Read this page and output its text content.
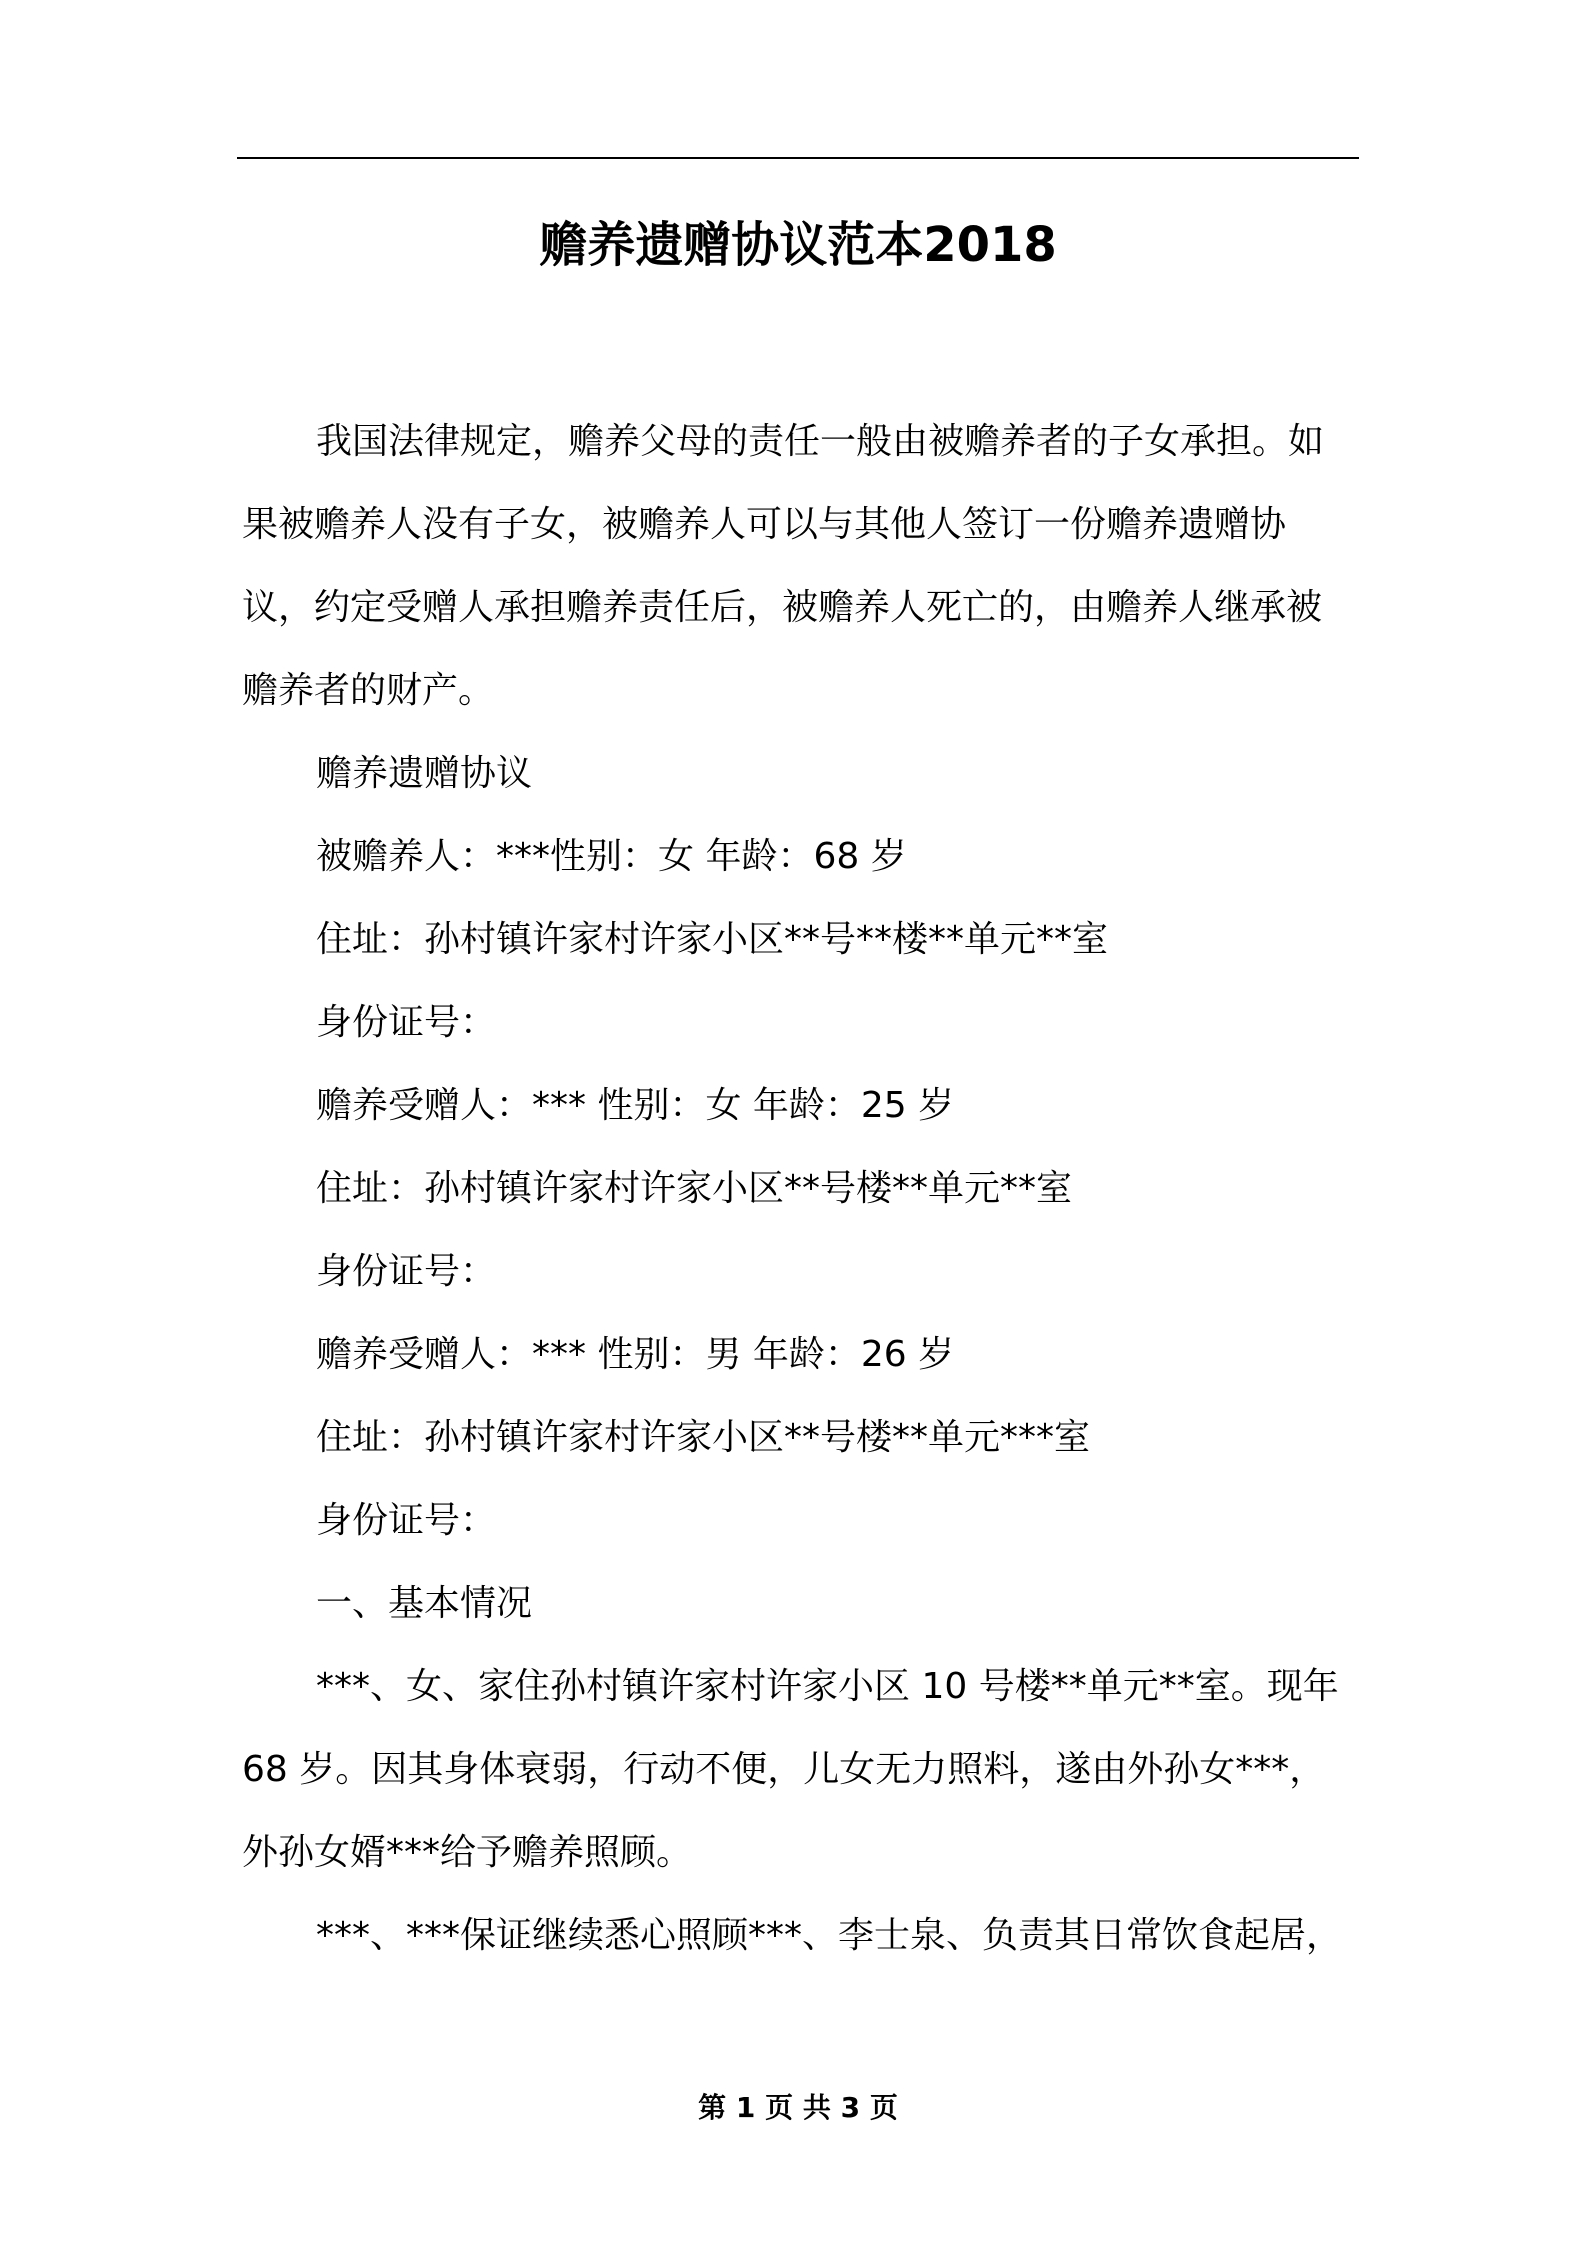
赡养遗赠协议范本2018

我国法律规定，赡养父母的责任一般由被赡养者的子女承担。如果被赡养人没有子女，被赡养人可以与其他人签订一份赡养遗赠协议，约定受赠人承担赡养责任后，被赡养人死亡的，由赡养人继承被赡养者的财产。

赡养遗赠协议

被赡养人：***性别：女 年龄：68 岁

住址：孙村镇许家村许家小区**号**楼**单元**室

身份证号：

赡养受赠人：*** 性别：女 年龄：25 岁

住址：孙村镇许家村许家小区**号楼**单元**室

身份证号：

赡养受赠人：*** 性别：男 年龄：26 岁

住址：孙村镇许家村许家小区**号楼**单元***室

身份证号：

一、基本情况

***、女、家住孙村镇许家村许家小区 10 号楼**单元**室。现年 68 岁。因其身体衰弱，行动不便，儿女无力照料，遂由外孙女***，外孙女婿***给予赡养照顾。

***、***保证继续悉心照顾***、李士泉、负责其日常饮食起居，

第 1 页 共 3 页
